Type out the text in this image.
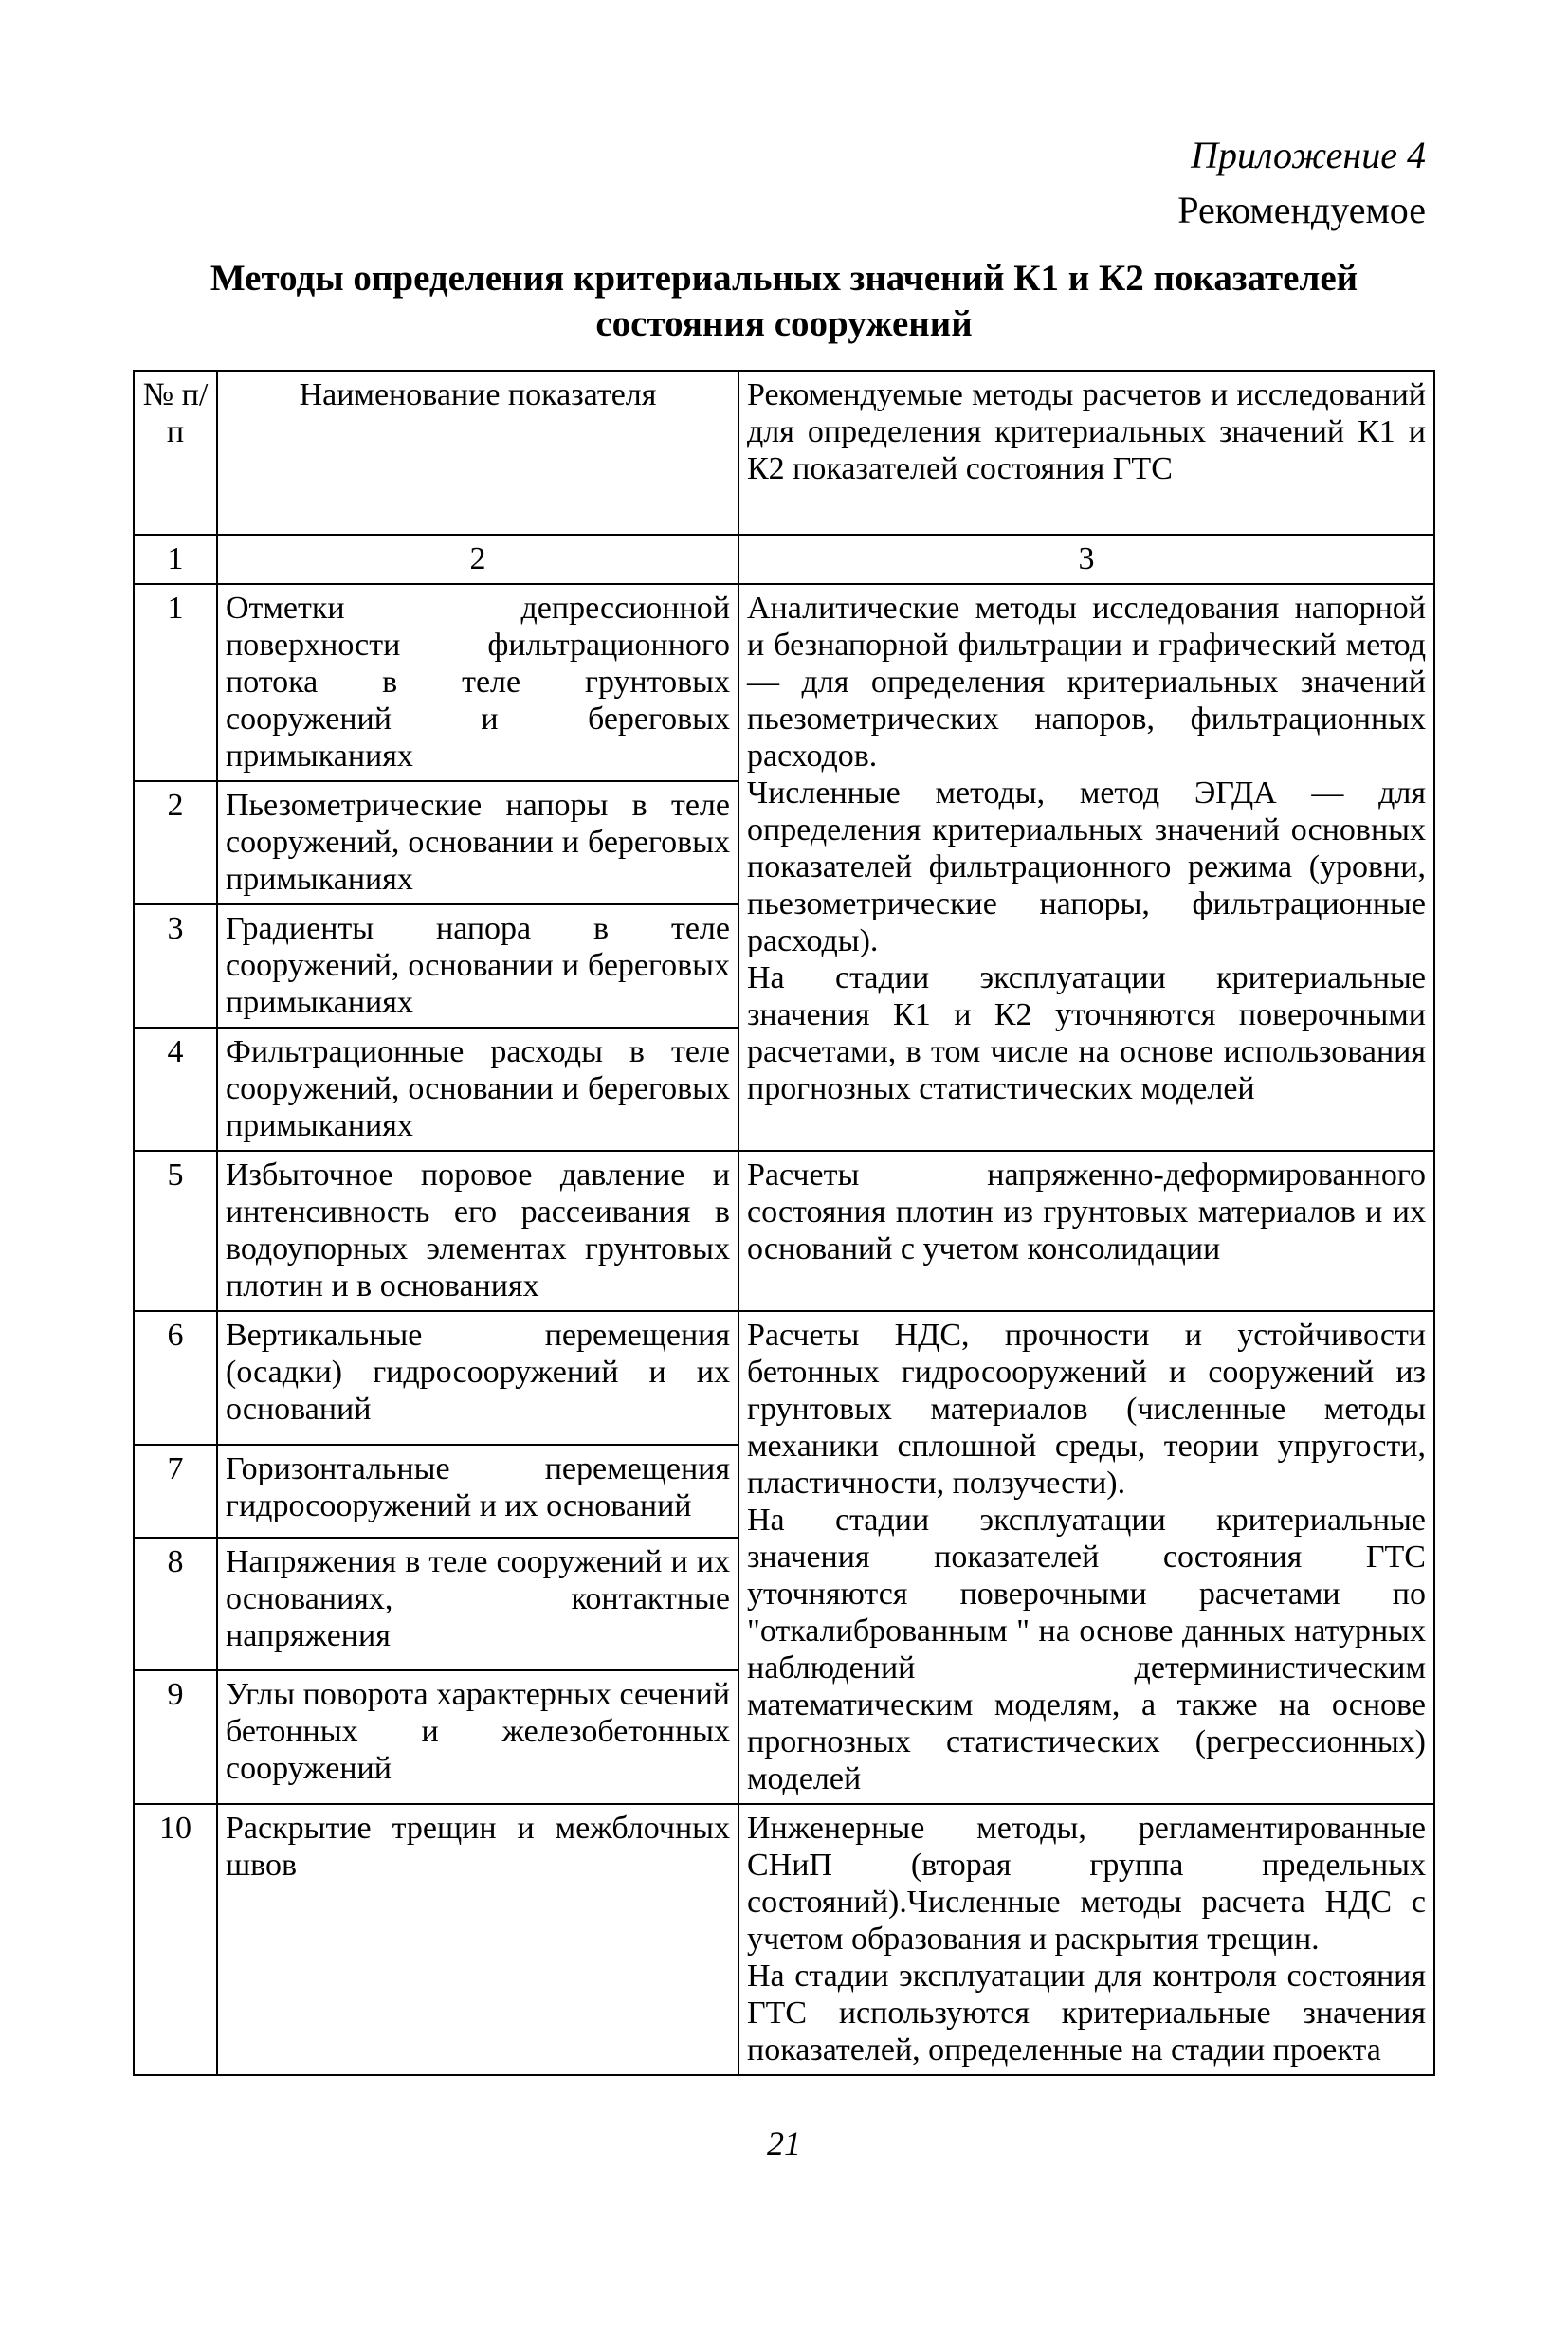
Приложение 4
Рекомендуемое
Методы определения критериальных значений К1 и К2 показателей
состояния сооружений
№ п/п	Наименование показателя	Рекомендуемые методы расчетов и исследований для определения критериальных значений К1 и К2 показателей состояния ГТС
1	2	3
1	Отметки депрессионной поверхности фильтрационного потока в теле грунтовых сооружений и береговых примыканиях	Аналитические методы исследования напорной и безнапорной фильтрации и графический метод — для определения критериальных значений пьезометрических напоров, фильтрационных расходов.
Численные методы, метод ЭГДА — для определения критериальных значений основных показателей фильтрационного режима (уровни, пьезометрические напоры, фильтрационные расходы).
На стадии эксплуатации критериальные значения К1 и К2 уточняются поверочными расчетами, в том числе на основе использования прогнозных статистических моделей

2	Пьезометрические напоры в теле сооружений, основании и береговых примыканиях	
3	Градиенты напора в теле сооружений, основании и береговых примыканиях	
4	Фильтрационные расходы в теле сооружений, основании и береговых примыканиях	
5	Избыточное поровое давление и интенсивность его рассеивания в водоупорных элементах грунтовых плотин и в основаниях	Расчеты напряженно-деформированного состояния плотин из грунтовых материалов и их оснований с учетом консолидации
6	Вертикальные перемещения (осадки) гидросооружений и их оснований	Расчеты НДС, прочности и устойчивости бетонных гидросооружений и сооружений из грунтовых материалов (численные методы механики сплошной среды, теории упругости, пластичности, ползучести).
На стадии эксплуатации критериальные значения показателей состояния ГТС уточняются поверочными расчетами по "откалиброванным " на основе данных натурных наблюдений детерминистическим математическим моделям, а также на основе прогнозных статистических (регрессионных) моделей

7	Горизонтальные перемещения гидросооружений и их оснований	
8	Напряжения в теле сооружений и их основаниях, контактные напряжения	
9	Углы поворота характерных сечений бетонных и железобетонных сооружений	
10	Раскрытие трещин и межблочных швов	Инженерные методы, регламентированные СНиП (вторая группа предельных состояний).Численные методы расчета НДС с учетом образования и раскрытия трещин.
На стадии эксплуатации для контроля состояния ГТС используются критериальные значения показателей, определенные на стадии проекта
21
